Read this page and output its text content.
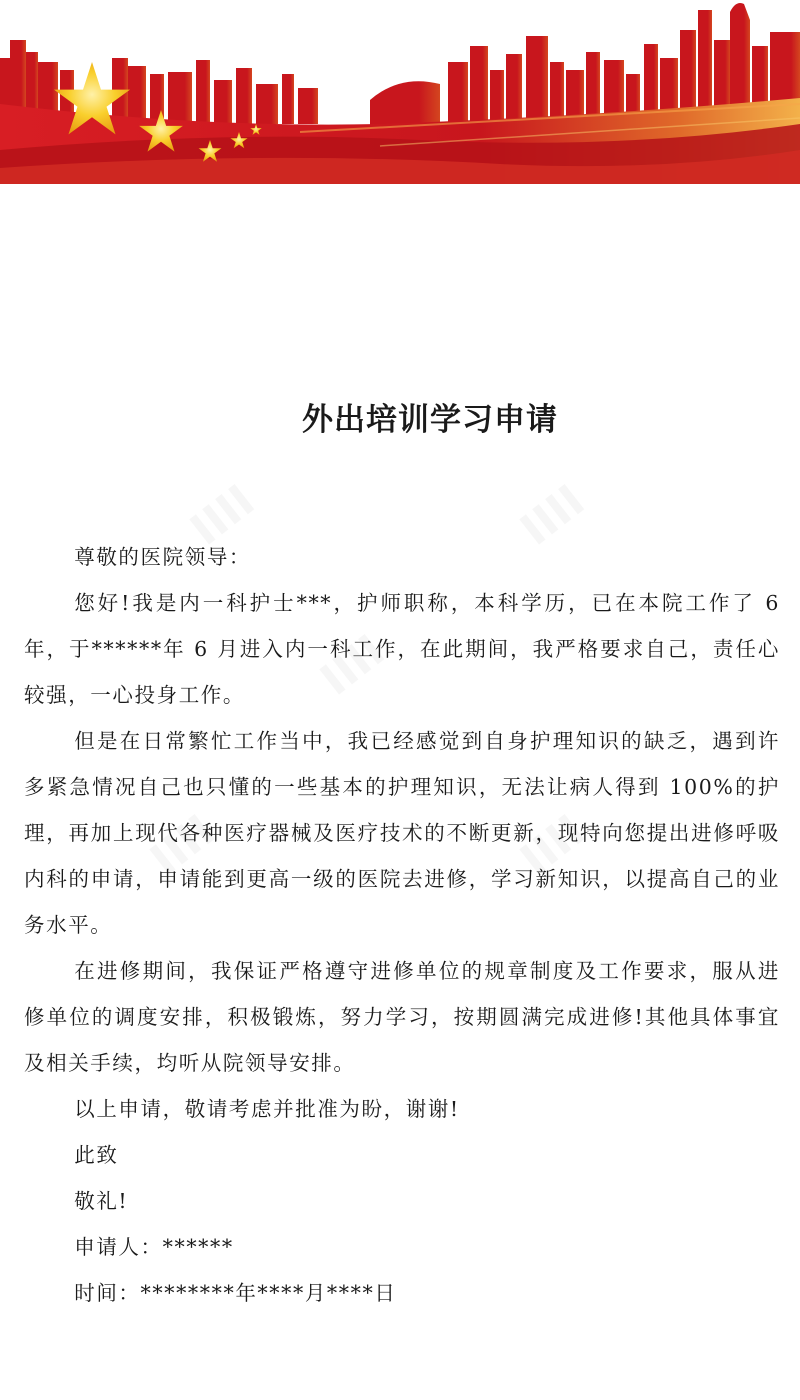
外出培训学习申请

尊敬的医院领导：

您好!我是内一科护士***，护师职称，本科学历，已在本院工作了 6 年，于******年 6 月进入内一科工作，在此期间，我严格要求自己，责任心较强，一心投身工作。

但是在日常繁忙工作当中，我已经感觉到自身护理知识的缺乏，遇到许多紧急情况自己也只懂的一些基本的护理知识，无法让病人得到 100%的护理，再加上现代各种医疗器械及医疗技术的不断更新，现特向您提出进修呼吸内科的申请，申请能到更高一级的医院去进修，学习新知识，以提高自己的业务水平。

在进修期间，我保证严格遵守进修单位的规章制度及工作要求，服从进修单位的调度安排，积极锻炼，努力学习，按期圆满完成进修!其他具体事宜及相关手续，均听从院领导安排。

以上申请，敬请考虑并批准为盼，谢谢!

此致

敬礼!

申请人：******

时间：********年****月****日
